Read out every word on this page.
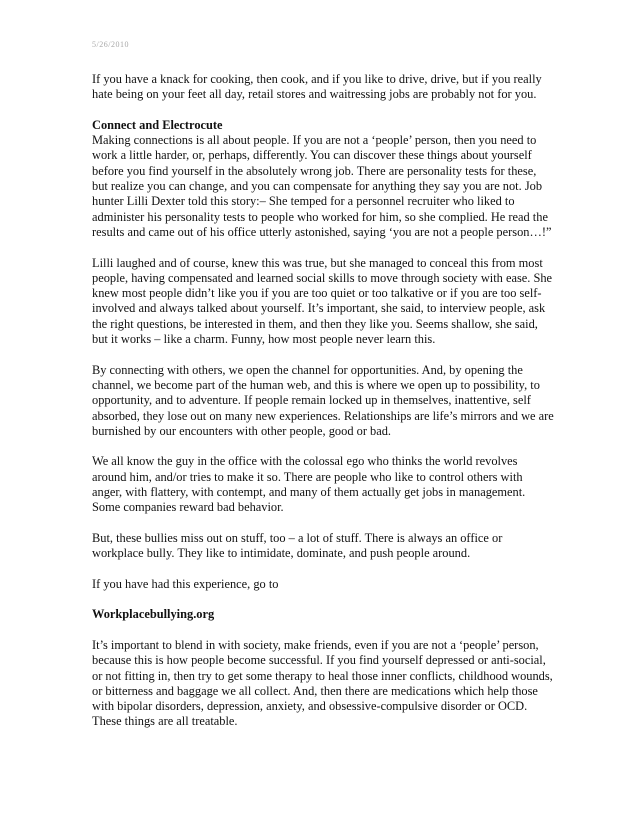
5/26/2010

If you have a knack for cooking, then cook, and if you like to drive, drive, but if you really hate being on your feet all day, retail stores and waitressing jobs are probably not for you.

Connect and Electrocute

Making connections is all about people. If you are not a ‘people’ person, then you need to work a little harder, or, perhaps, differently. You can discover these things about yourself before you find yourself in the absolutely wrong job. There are personality tests for these, but realize you can change, and you can compensate for anything they say you are not. Job hunter Lilli Dexter told this story:– She temped for a personnel recruiter who liked to administer his personality tests to people who worked for him, so she complied. He read the results and came out of his office utterly astonished, saying ‘you are not a people person…!”

Lilli laughed and of course, knew this was true, but she managed to conceal this from most people, having compensated and learned social skills to move through society with ease. She knew most people didn’t like you if you are too quiet or too talkative or if you are too self-involved and always talked about yourself. It’s important, she said, to interview people, ask the right questions, be interested in them, and then they like you. Seems shallow, she said, but it works – like a charm. Funny, how most people never learn this.

By connecting with others, we open the channel for opportunities. And, by opening the channel, we become part of the human web, and this is where we open up to possibility, to opportunity, and to adventure. If people remain locked up in themselves, inattentive, self absorbed, they lose out on many new experiences. Relationships are life’s mirrors and we are burnished by our encounters with other people, good or bad.

We all know the guy in the office with the colossal ego who thinks the world revolves around him, and/or tries to make it so. There are people who like to control others with anger, with flattery, with contempt, and many of them actually get jobs in management. Some companies reward bad behavior.

But, these bullies miss out on stuff, too – a lot of stuff. There is always an office or workplace bully. They like to intimidate, dominate, and push people around.

If you have had this experience, go to

Workplacebullying.org

It’s important to blend in with society, make friends, even if you are not a ‘people’ person, because this is how people become successful. If you find yourself depressed or anti-social, or not fitting in, then try to get some therapy to heal those inner conflicts, childhood wounds, or bitterness and baggage we all collect. And, then there are medications which help those with bipolar disorders, depression, anxiety, and obsessive-compulsive disorder or OCD. These things are all treatable.
